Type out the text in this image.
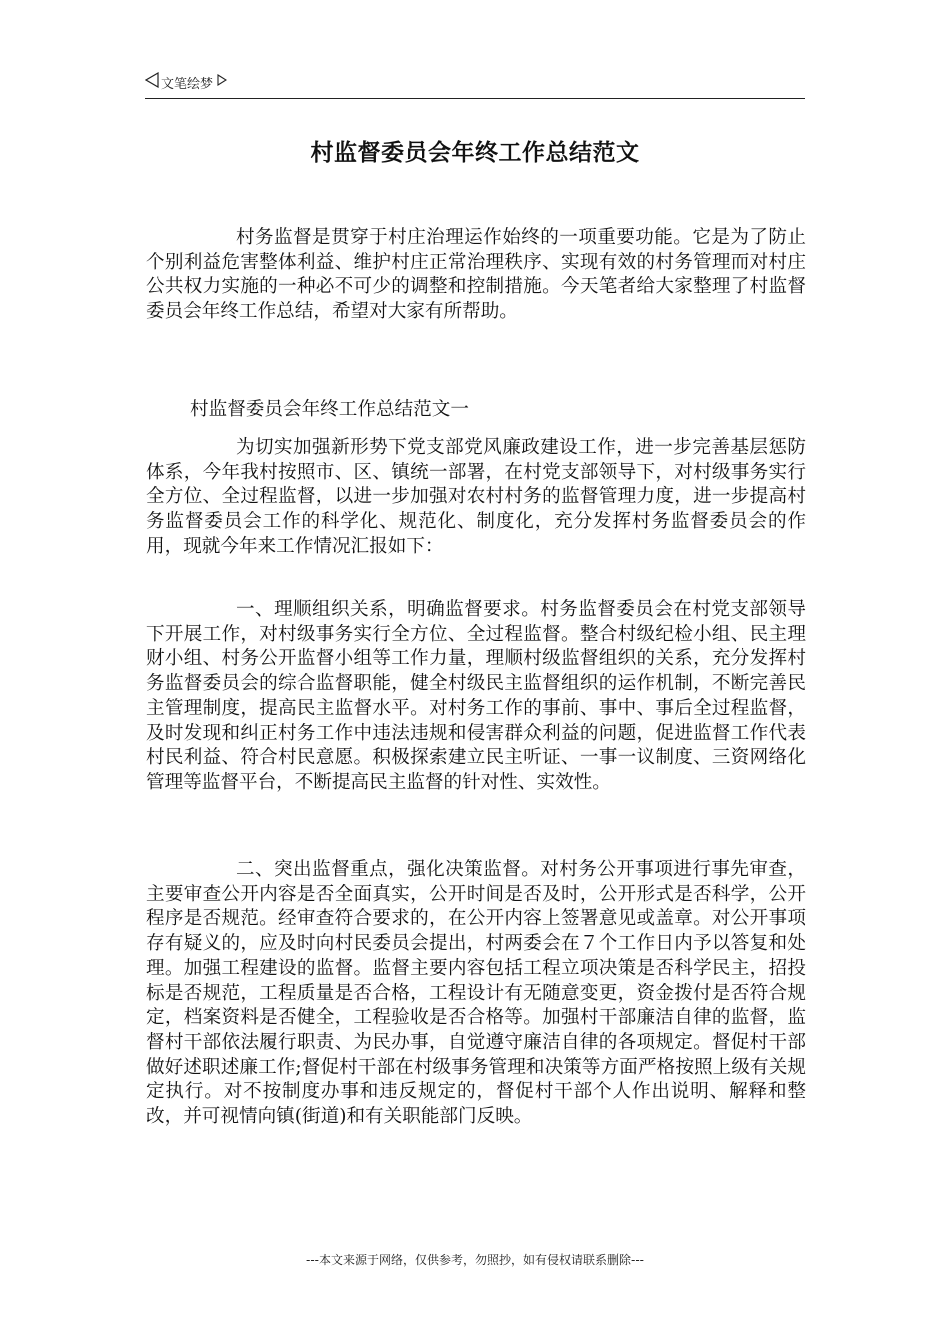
文笔绘梦
村监督委员会年终工作总结范文

村务监督是贯穿于村庄治理运作始终的一项重要功能。它是为了防止个别利益危害整体利益、维护村庄正常治理秩序、实现有效的村务管理而对村庄公共权力实施的一种必不可少的调整和控制措施。今天笔者给大家整理了村监督委员会年终工作总结，希望对大家有所帮助。

村监督委员会年终工作总结范文一

为切实加强新形势下党支部党风廉政建设工作，进一步完善基层惩防体系，今年我村按照市、区、镇统一部署，在村党支部领导下，对村级事务实行全方位、全过程监督，以进一步加强对农村村务的监督管理力度，进一步提高村务监督委员会工作的科学化、规范化、制度化，充分发挥村务监督委员会的作用，现就今年来工作情况汇报如下：

一、理顺组织关系，明确监督要求。村务监督委员会在村党支部领导下开展工作，对村级事务实行全方位、全过程监督。整合村级纪检小组、民主理财小组、村务公开监督小组等工作力量，理顺村级监督组织的关系，充分发挥村务监督委员会的综合监督职能，健全村级民主监督组织的运作机制，不断完善民主管理制度，提高民主监督水平。对村务工作的事前、事中、事后全过程监督，及时发现和纠正村务工作中违法违规和侵害群众利益的问题，促进监督工作代表村民利益、符合村民意愿。积极探索建立民主听证、一事一议制度、三资网络化管理等监督平台，不断提高民主监督的针对性、实效性。

二、突出监督重点，强化决策监督。对村务公开事项进行事先审查，主要审查公开内容是否全面真实，公开时间是否及时，公开形式是否科学，公开程序是否规范。经审查符合要求的，在公开内容上签署意见或盖章。对公开事项存有疑义的，应及时向村民委员会提出，村两委会在７个工作日内予以答复和处理。加强工程建设的监督。监督主要内容包括工程立项决策是否科学民主，招投标是否规范，工程质量是否合格，工程设计有无随意变更，资金拨付是否符合规定，档案资料是否健全，工程验收是否合格等。加强村干部廉洁自律的监督，监督村干部依法履行职责、为民办事，自觉遵守廉洁自律的各项规定。督促村干部做好述职述廉工作;督促村干部在村级事务管理和决策等方面严格按照上级有关规定执行。对不按制度办事和违反规定的，督促村干部个人作出说明、解释和整改，并可视情向镇(街道)和有关职能部门反映。

---本文来源于网络，仅供参考，勿照抄，如有侵权请联系删除---
